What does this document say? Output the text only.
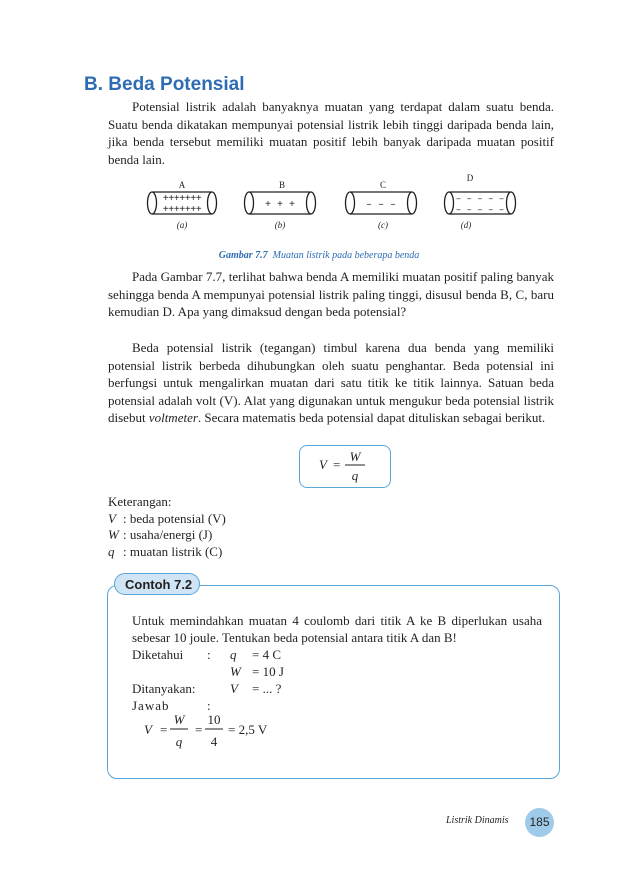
B. Beda Potensial

Potensial listrik adalah banyaknya muatan yang terdapat dalam suatu benda. Suatu benda dikatakan mempunyai potensial listrik lebih tinggi daripada benda lain, jika benda tersebut memiliki muatan positif lebih banyak daripada muatan positif benda lain.

A	B	C
D
+++++++
+++++++	+ + +	– – –
– – – – –
– – – – –
(a)	(b)	(c)	(d)
Gambar 7.7 Muatan listrik pada beberapa benda

Pada Gambar 7.7, terlihat bahwa benda A memiliki muatan positif paling banyak sehingga benda A mempunyai potensial listrik paling tinggi, disusul benda B, C, baru kemudian D. Apa yang dimaksud dengan beda potensial?

Beda potensial listrik (tegangan) timbul karena dua benda yang memiliki potensial listrik berbeda dihubungkan oleh suatu penghantar. Beda potensial ini berfungsi untuk mengalirkan muatan dari satu titik ke titik lainnya. Satuan beda potensial adalah volt (V). Alat yang digunakan untuk mengukur beda potensial listrik disebut voltmeter. Secara matematis beda potensial dapat dituliskan sebagai berikut.

V =
W
q
Keterangan:
V : beda potensial (V)
W : usaha/energi (J)
q : muatan listrik (C)
Contoh 7.2

Untuk memindahkan muatan 4 coulomb dari titik A ke B diperlukan usaha sebesar 10 joule. Tentukan beda potensial antara titik A dan B!

Diketahui : q = 4 C
W = 10 J
Ditanyakan:	V = ... ?
Jawab	:
V =
W
q
=
10
4
= 2,5 V
Listrik Dinamis	185
